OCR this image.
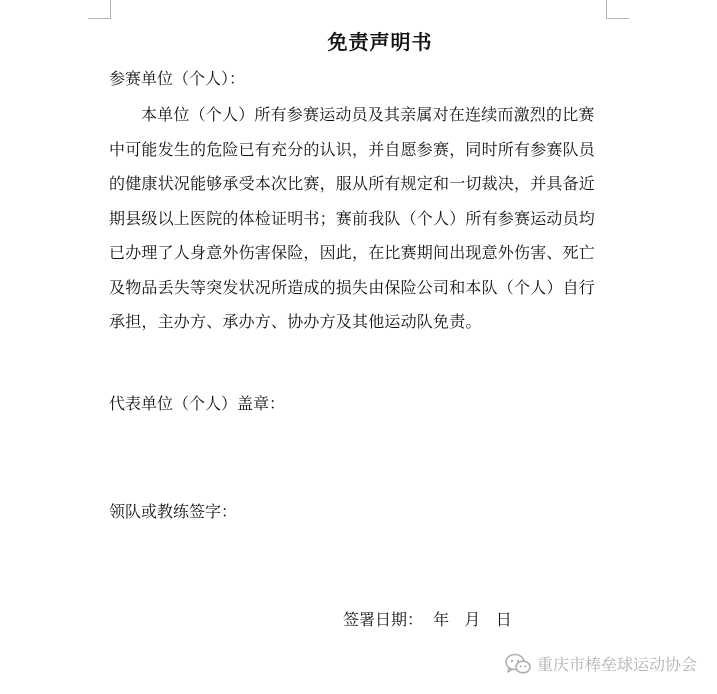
免责声明书
参赛单位（个人）：
本单位（个人）所有参赛运动员及其亲属对在连续而激烈的比赛
中可能发生的危险已有充分的认识，并自愿参赛，同时所有参赛队员
的健康状况能够承受本次比赛，服从所有规定和一切裁决，并具备近
期县级以上医院的体检证明书；赛前我队（个人）所有参赛运动员均
已办理了人身意外伤害保险，因此，在比赛期间出现意外伤害、死亡
及物品丢失等突发状况所造成的损失由保险公司和本队（个人）自行
承担，主办方、承办方、协办方及其他运动队免责。
代表单位（个人）盖章：
领队或教练签字：
签署日期：  年   月   日
重庆市棒垒球运动协会
